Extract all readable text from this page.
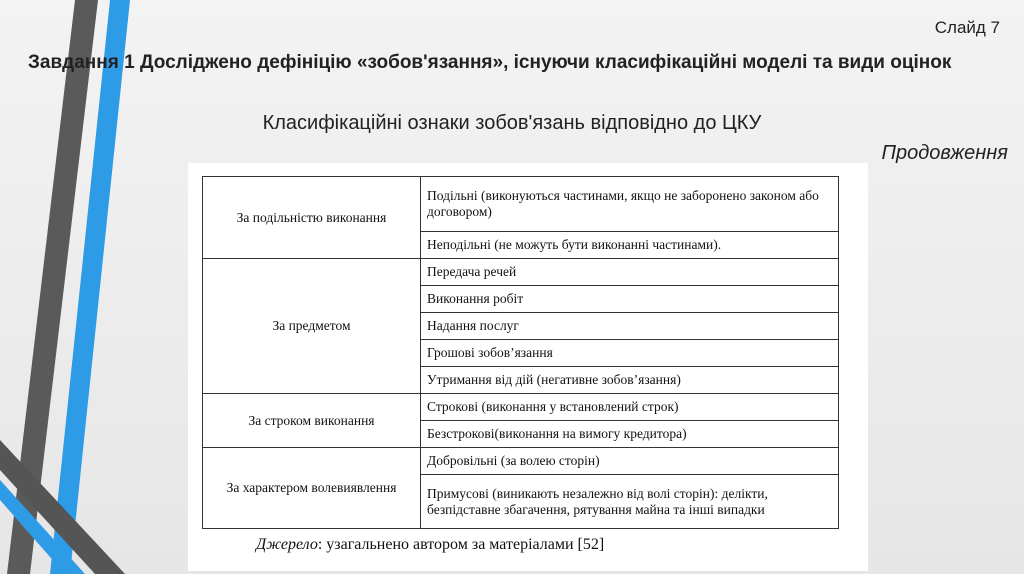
Слайд 7
Завдання 1 Досліджено дефініцію «зобов'язання», існуючи класифікаційні моделі та види оцінок
Класифікаційні ознаки зобов'язань відповідно до ЦКУ
Продовження
За подільністю виконання	Подільні (виконуються частинами, якщо не заборонено законом або договором)
	Неподільні (не можуть бути виконанні частинами).
За предметом	Передача речей
	Виконання робіт
	Надання послуг
	Грошові зобов’язання
	Утримання від дій (негативне зобов’язання)
За строком виконання	Строкові (виконання у встановлений строк)
	Безстрокові(виконання на вимогу кредитора)
За характером волевиявлення	Добровільні (за волею сторін)
	Примусові (виникають незалежно від волі сторін): делікти, безпідставне збагачення, рятування майна та інші випадки
Джерело: узагальнено автором за матеріалами [52]
